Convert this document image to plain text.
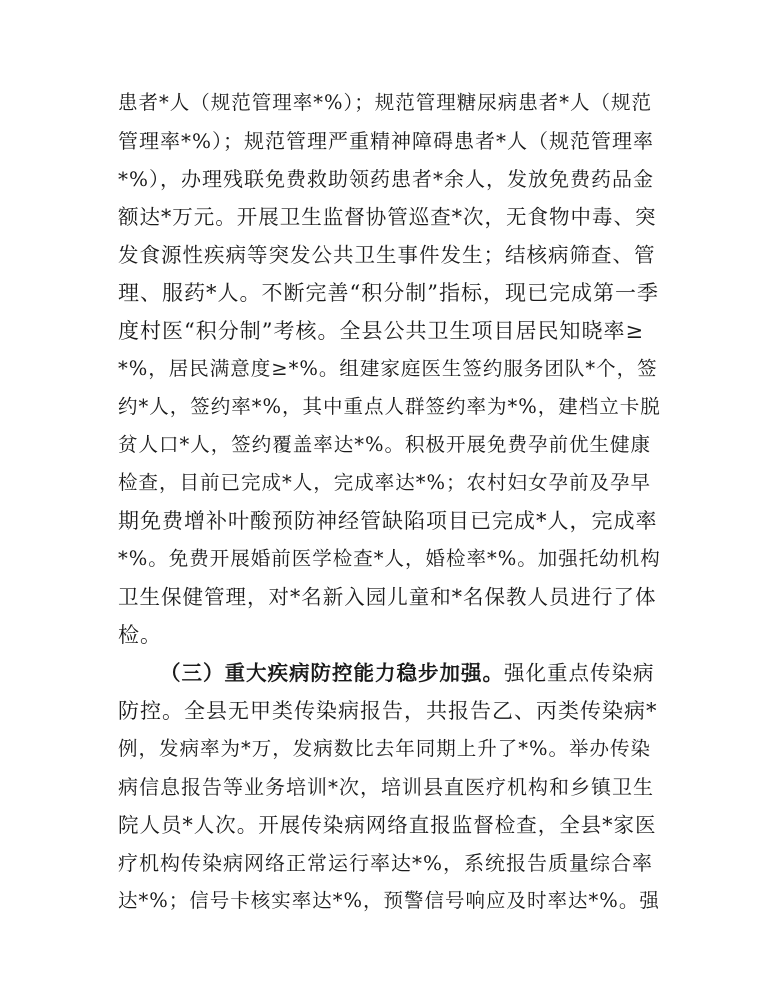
患者*人（规范管理率*%）；规范管理糖尿病患者*人（规范
管理率*%）；规范管理严重精神障碍患者*人（规范管理率
*%），办理残联免费救助领药患者*余人，发放免费药品金
额达*万元。开展卫生监督协管巡查*次，无食物中毒、突
发食源性疾病等突发公共卫生事件发生；结核病筛查、管
理、服药*人。不断完善“积分制”指标，现已完成第一季
度村医“积分制”考核。全县公共卫生项目居民知晓率≥
*%，居民满意度≥*%。组建家庭医生签约服务团队*个，签
约*人，签约率*%，其中重点人群签约率为*%，建档立卡脱
贫人口*人，签约覆盖率达*%。积极开展免费孕前优生健康
检查，目前已完成*人，完成率达*%；农村妇女孕前及孕早
期免费增补叶酸预防神经管缺陷项目已完成*人，完成率
*%。免费开展婚前医学检查*人，婚检率*%。加强托幼机构
卫生保健管理，对*名新入园儿童和*名保教人员进行了体
检。
（三）重大疾病防控能力稳步加强。强化重点传染病
防控。全县无甲类传染病报告，共报告乙、丙类传染病*
例，发病率为*万，发病数比去年同期上升了*%。举办传染
病信息报告等业务培训*次，培训县直医疗机构和乡镇卫生
院人员*人次。开展传染病网络直报监督检查，全县*家医
疗机构传染病网络正常运行率达*%，系统报告质量综合率
达*%；信号卡核实率达*%，预警信号响应及时率达*%。强
